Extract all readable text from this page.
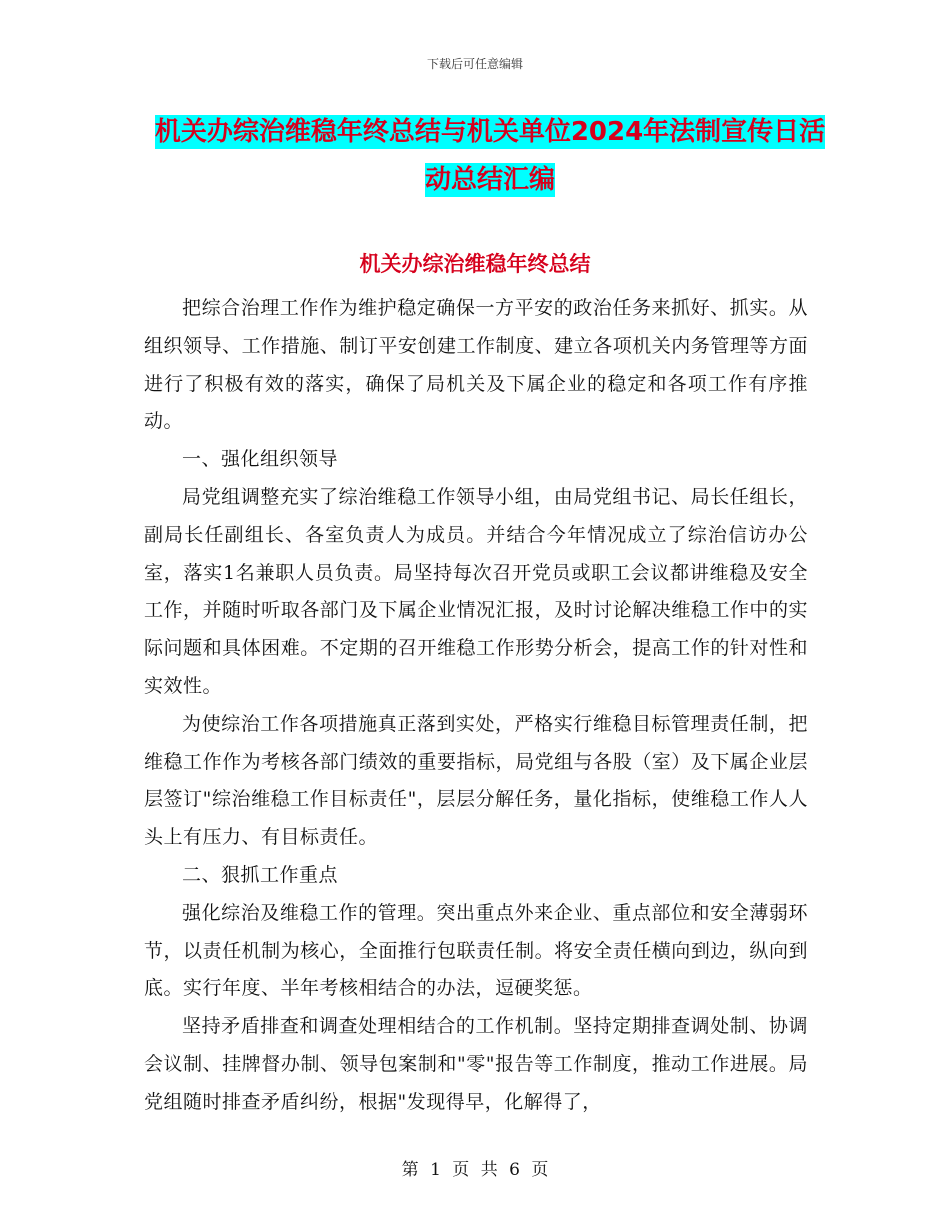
下载后可任意编辑
机关办综治维稳年终总结与机关单位2024年法制宣传日活动总结汇编
机关办综治维稳年终总结

把综合治理工作作为维护稳定确保一方平安的政治任务来抓好、抓实。从组织领导、工作措施、制订平安创建工作制度、建立各项机关内务管理等方面进行了积极有效的落实，确保了局机关及下属企业的稳定和各项工作有序推动。

一、强化组织领导

局党组调整充实了综治维稳工作领导小组，由局党组书记、局长任组长，副局长任副组长、各室负责人为成员。并结合今年情况成立了综治信访办公室，落实1名兼职人员负责。局坚持每次召开党员或职工会议都讲维稳及安全工作，并随时听取各部门及下属企业情况汇报，及时讨论解决维稳工作中的实际问题和具体困难。不定期的召开维稳工作形势分析会，提高工作的针对性和实效性。

为使综治工作各项措施真正落到实处，严格实行维稳目标管理责任制，把维稳工作作为考核各部门绩效的重要指标，局党组与各股（室）及下属企业层层签订"综治维稳工作目标责任"，层层分解任务，量化指标，使维稳工作人人头上有压力、有目标责任。

二、狠抓工作重点

强化综治及维稳工作的管理。突出重点外来企业、重点部位和安全薄弱环节，以责任机制为核心，全面推行包联责任制。将安全责任横向到边，纵向到底。实行年度、半年考核相结合的办法，逗硬奖惩。

坚持矛盾排查和调查处理相结合的工作机制。坚持定期排查调处制、协调会议制、挂牌督办制、领导包案制和"零"报告等工作制度，推动工作进展。局党组随时排查矛盾纠纷，根据"发现得早，化解得了，

第 1 页 共 6 页
